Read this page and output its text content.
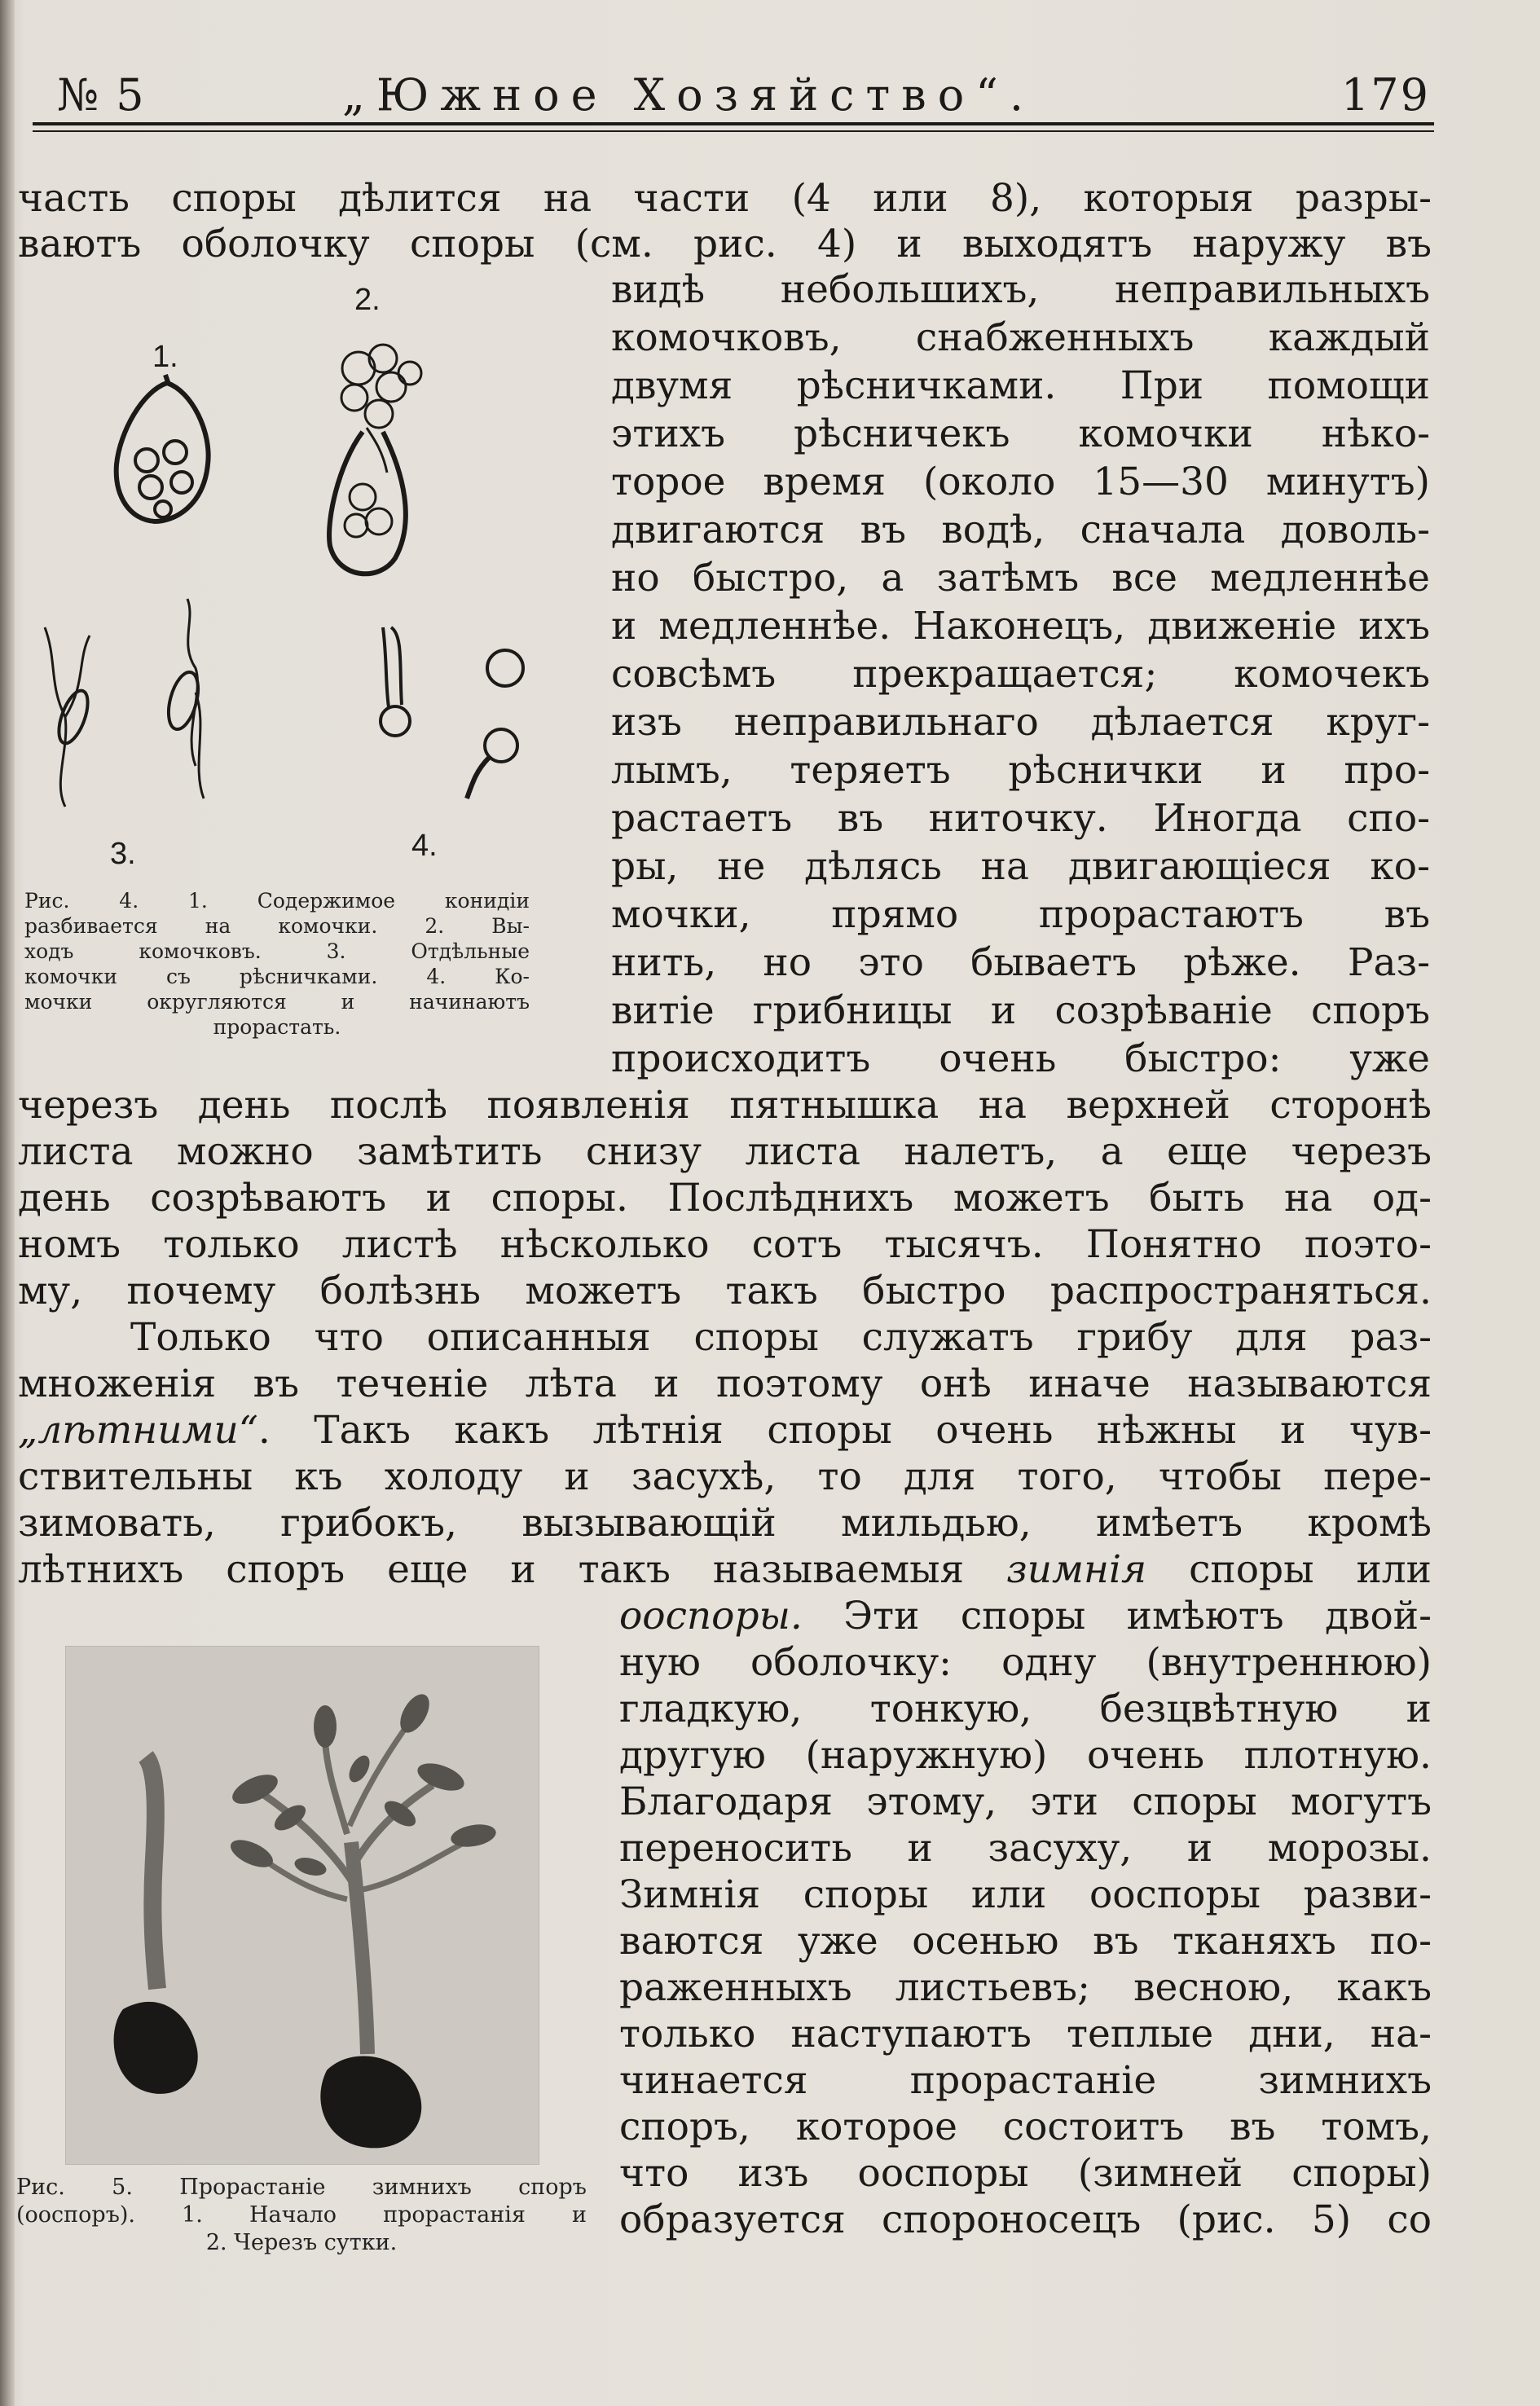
№ 5	„Южное Хозяйство“.	179
часть споры дѣлится на части (4 или 8), которыя разры-
ваютъ оболочку споры (см. рис. 4) и выходятъ наружу въ
видѣ небольшихъ, неправильныхъ
комочковъ, снабженныхъ каждый
двумя рѣсничками. При помощи
этихъ рѣсничекъ комочки нѣко-
торое время (около 15—30 минутъ)
двигаются въ водѣ, сначала доволь-
но быстро, а затѣмъ все медленнѣе
и медленнѣе. Наконецъ, движенiе ихъ
совсѣмъ прекращается; комочекъ
изъ неправильнаго дѣлается круг-
лымъ, теряетъ рѣснички и про-
растаетъ въ ниточку. Иногда спо-
ры, не дѣлясь на двигающiеся ко-
мочки, прямо прорастаютъ въ
нить, но это бываетъ рѣже. Раз-
витiе грибницы и созрѣванiе споръ
происходитъ очень быстро: уже
1.
2.
3.	4.
Рис. 4. 1. Содержимое конидiи
разбивается на комочки. 2. Вы-
ходъ комочковъ. 3. Отдѣльные
комочки съ рѣсничками. 4. Ко-
мочки округляются и начинаютъ
прорастать.
черезъ день послѣ появленiя пятнышка на верхней сторонѣ
листа можно замѣтить снизу листа налетъ, а еще черезъ
день созрѣваютъ и споры. Послѣднихъ можетъ быть на од-
номъ только листѣ нѣсколько сотъ тысячъ. Понятно поэто-
му, почему болѣзнь можетъ такъ быстро распространяться.
Только что описанныя споры служатъ грибу для раз-
множенiя въ теченiе лѣта и поэтому онѣ иначе называются
„лѣтними“. Такъ какъ лѣтнiя споры очень нѣжны и чув-
ствительны къ холоду и засухѣ, то для того, чтобы пере-
зимовать, грибокъ, вызывающiй мильдью, имѣетъ кромѣ
лѣтнихъ споръ еще и такъ называемыя зимнiя споры или
Рис. 5. Прорастанiе зимнихъ споръ
(ооспоръ). 1. Начало прорастанiя и
2. Черезъ сутки.
ооспоры. Эти споры имѣютъ двой-
ную оболочку: одну (внутреннюю)
гладкую, тонкую, безцвѣтную и
другую (наружную) очень плотную.
Благодаря этому, эти споры могутъ
переносить и засуху, и морозы.
Зимнiя споры или ооспоры разви-
ваются уже осенью въ тканяхъ по-
раженныхъ листьевъ; весною, какъ
только наступаютъ теплые дни, на-
чинается прорастанiе зимнихъ
споръ, которое состоитъ въ томъ,
что изъ ооспоры (зимней споры)
образуется спороносецъ (рис. 5) со
